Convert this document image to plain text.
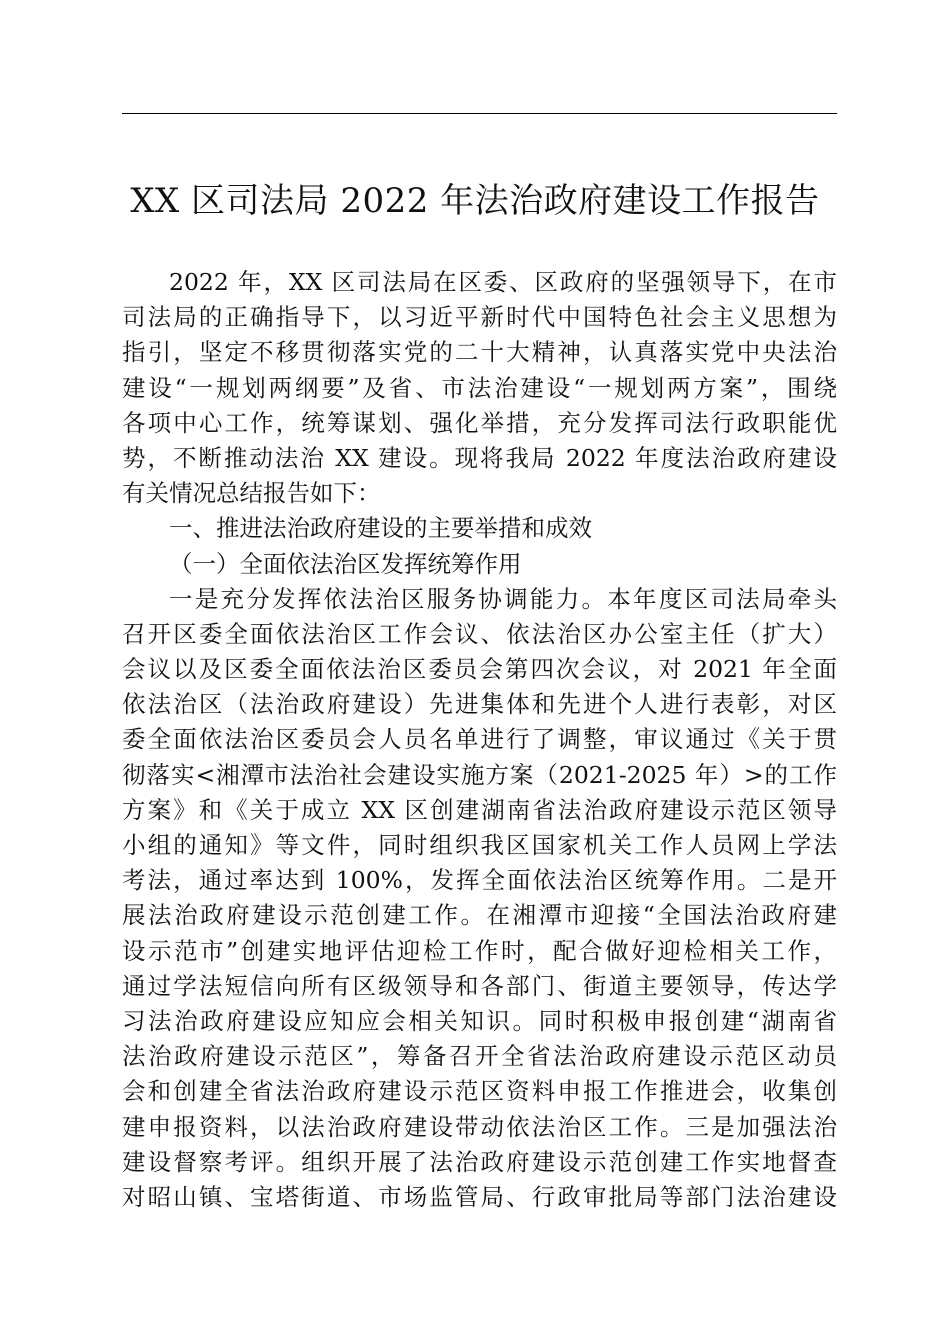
XX 区司法局 2022 年法治政府建设工作报告
2022 年，XX 区司法局在区委、区政府的坚强领导下，在市
司法局的正确指导下，以习近平新时代中国特色社会主义思想为
指引，坚定不移贯彻落实党的二十大精神，认真落实党中央法治
建设“一规划两纲要”及省、市法治建设“一规划两方案”，围绕
各项中心工作，统筹谋划、强化举措，充分发挥司法行政职能优
势，不断推动法治 XX 建设。现将我局 2022 年度法治政府建设
有关情况总结报告如下：
一、推进法治政府建设的主要举措和成效
（一）全面依法治区发挥统筹作用
一是充分发挥依法治区服务协调能力。本年度区司法局牵头
召开区委全面依法治区工作会议、依法治区办公室主任（扩大）
会议以及区委全面依法治区委员会第四次会议，对 2021 年全面
依法治区（法治政府建设）先进集体和先进个人进行表彰，对区
委全面依法治区委员会人员名单进行了调整，审议通过《关于贯
彻落实<湘潭市法治社会建设实施方案（2021-2025 年）>的工作
方案》和《关于成立 XX 区创建湖南省法治政府建设示范区领导
小组的通知》等文件，同时组织我区国家机关工作人员网上学法
考法，通过率达到 100%，发挥全面依法治区统筹作用。二是开
展法治政府建设示范创建工作。在湘潭市迎接“全国法治政府建
设示范市”创建实地评估迎检工作时，配合做好迎检相关工作，
通过学法短信向所有区级领导和各部门、街道主要领导，传达学
习法治政府建设应知应会相关知识。同时积极申报创建“湖南省
法治政府建设示范区”，筹备召开全省法治政府建设示范区动员
会和创建全省法治政府建设示范区资料申报工作推进会，收集创
建申报资料，以法治政府建设带动依法治区工作。三是加强法治
建设督察考评。组织开展了法治政府建设示范创建工作实地督查
对昭山镇、宝塔街道、市场监管局、行政审批局等部门法治建设
